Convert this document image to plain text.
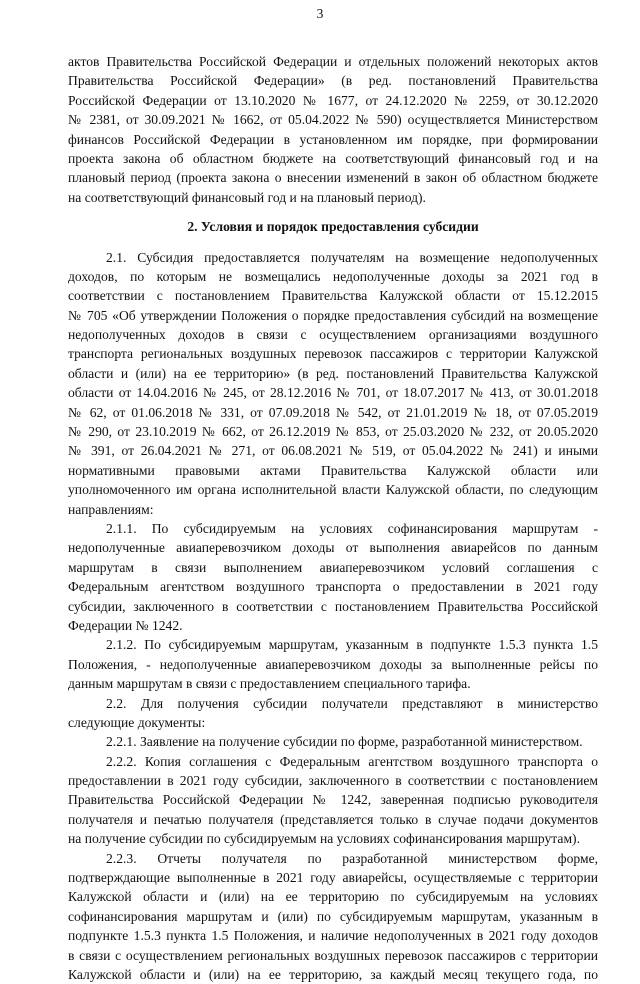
3
актов Правительства Российской Федерации и отдельных положений некоторых актов
Правительства Российской Федерации» (в ред. постановлений Правительства
Российской Федерации от 13.10.2020 № 1677, от 24.12.2020 № 2259, от 30.12.2020
№ 2381, от 30.09.2021 № 1662, от 05.04.2022 № 590) осуществляется Министерством
финансов Российской Федерации в установленном им порядке, при формировании
проекта закона об областном бюджете на соответствующий финансовый год и на
плановый период (проекта закона о внесении изменений в закон об областном бюджете
на соответствующий финансовый год и на плановый период).
2. Условия и порядок предоставления субсидии
2.1. Субсидия предоставляется получателям на возмещение недополученных
доходов, по которым не возмещались недополученные доходы за 2021 год в
соответствии с постановлением Правительства Калужской области от 15.12.2015
№ 705 «Об утверждении Положения о порядке предоставления субсидий на возмещение
недополученных доходов в связи с осуществлением организациями воздушного
транспорта региональных воздушных перевозок пассажиров с территории Калужской
области и (или) на ее территорию» (в ред. постановлений Правительства Калужской
области от 14.04.2016 № 245, от 28.12.2016 № 701, от 18.07.2017 № 413, от 30.01.2018
№ 62, от 01.06.2018 № 331, от 07.09.2018 № 542, от 21.01.2019 № 18, от 07.05.2019
№ 290, от 23.10.2019 № 662, от 26.12.2019 № 853, от 25.03.2020 № 232, от 20.05.2020
№ 391, от 26.04.2021 № 271, от 06.08.2021 № 519, от 05.04.2022 № 241) и иными
нормативными правовыми актами Правительства Калужской области или
уполномоченного им органа исполнительной власти Калужской области, по следующим
направлениям:
2.1.1. По субсидируемым на условиях софинансирования маршрутам -
недополученные авиаперевозчиком доходы от выполнения авиарейсов по данным
маршрутам в связи выполнением авиаперевозчиком условий соглашения с
Федеральным агентством воздушного транспорта о предоставлении в 2021 году
субсидии, заключенного в соответствии с постановлением Правительства Российской
Федерации № 1242.
2.1.2. По субсидируемым маршрутам, указанным в подпункте 1.5.3 пункта 1.5
Положения, - недополученные авиаперевозчиком доходы за выполненные рейсы по
данным маршрутам в связи с предоставлением специального тарифа.
2.2. Для получения субсидии получатели представляют в министерство
следующие документы:
2.2.1. Заявление на получение субсидии по форме, разработанной министерством.
2.2.2. Копия соглашения с Федеральным агентством воздушного транспорта о
предоставлении в 2021 году субсидии, заключенного в соответствии с постановлением
Правительства Российской Федерации № 1242, заверенная подписью руководителя
получателя и печатью получателя (представляется только в случае подачи документов
на получение субсидии по субсидируемым на условиях софинансирования маршрутам).
2.2.3. Отчеты получателя по разработанной министерством форме,
подтверждающие выполненные в 2021 году авиарейсы, осуществляемые с территории
Калужской области и (или) на ее территорию по субсидируемым на условиях
софинансирования маршрутам и (или) по субсидируемым маршрутам, указанным в
подпункте 1.5.3 пункта 1.5 Положения, и наличие недополученных в 2021 году доходов
в связи с осуществлением региональных воздушных перевозок пассажиров с территории
Калужской области и (или) на ее территорию, за каждый месяц текущего года, по
